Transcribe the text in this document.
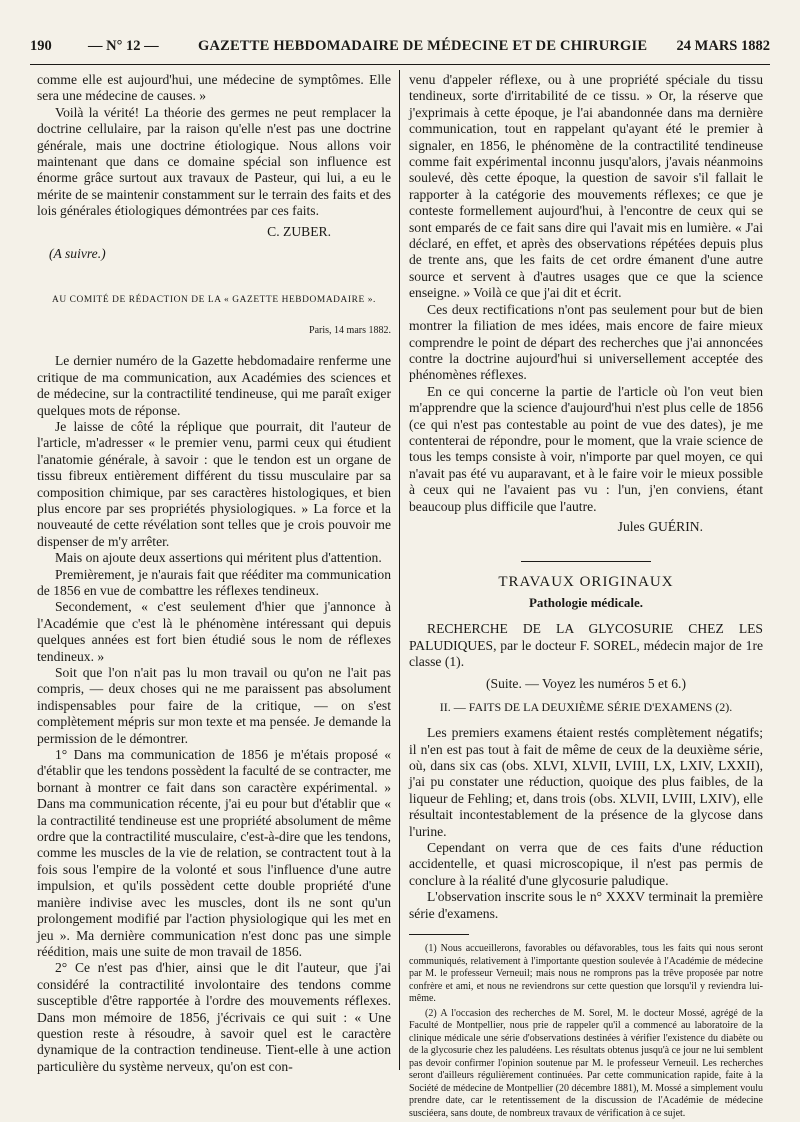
190	— N° 12 —	GAZETTE HEBDOMADAIRE DE MÉDECINE ET DE CHIRURGIE 24 MARS 1882

comme elle est aujourd'hui, une médecine de symptômes. Elle sera une médecine de causes. »

Voilà la vérité! La théorie des germes ne peut remplacer la doctrine cellulaire, par la raison qu'elle n'est pas une doctrine générale, mais une doctrine étiologique. Nous allons voir maintenant que dans ce domaine spécial son influence est énorme grâce surtout aux travaux de Pasteur, qui lui, a eu le mérite de se maintenir constamment sur le terrain des faits et des lois générales étiologiques démontrées par ces faits.

C. ZUBER.

(A suivre.)

AU COMITÉ DE RÉDACTION DE LA « GAZETTE HEBDOMADAIRE ».

Paris, 14 mars 1882.

Le dernier numéro de la Gazette hebdomadaire renferme une critique de ma communication, aux Académies des sciences et de médecine, sur la contractilité tendineuse, qui me paraît exiger quelques mots de réponse.

Je laisse de côté la réplique que pourrait, dit l'auteur de l'article, m'adresser « le premier venu, parmi ceux qui étudient l'anatomie générale, à savoir : que le tendon est un organe de tissu fibreux entièrement différent du tissu musculaire par sa composition chimique, par ses caractères histologiques, et bien plus encore par ses propriétés physiologiques. » La force et la nouveauté de cette révélation sont telles que je crois pouvoir me dispenser de m'y arrêter.

Mais on ajoute deux assertions qui méritent plus d'attention.

Premièrement, je n'aurais fait que rééditer ma communication de 1856 en vue de combattre les réflexes tendineux.

Secondement, « c'est seulement d'hier que j'annonce à l'Académie que c'est là le phénomène intéressant qui depuis quelques années est fort bien étudié sous le nom de réflexes tendineux. »

Soit que l'on n'ait pas lu mon travail ou qu'on ne l'ait pas compris, — deux choses qui ne me paraissent pas absolument indispensables pour faire de la critique, — on s'est complètement mépris sur mon texte et ma pensée. Je demande la permission de le démontrer.

1° Dans ma communication de 1856 je m'étais proposé « d'établir que les tendons possèdent la faculté de se contracter, me bornant à montrer ce fait dans son caractère expérimental. » Dans ma communication récente, j'ai eu pour but d'établir que « la contractilité tendineuse est une propriété absolument de même ordre que la contractilité musculaire, c'est-à-dire que les tendons, comme les muscles de la vie de relation, se contractent tout à la fois sous l'empire de la volonté et sous l'influence d'une autre impulsion, et qu'ils possèdent cette double propriété d'une manière indivise avec les muscles, dont ils ne sont qu'un prolongement modifié par l'action physiologique qui les met en jeu ». Ma dernière communication n'est donc pas une simple réédition, mais une suite de mon travail de 1856.

2° Ce n'est pas d'hier, ainsi que le dit l'auteur, que j'ai considéré la contractilité involontaire des tendons comme susceptible d'être rapportée à l'ordre des mouvements réflexes. Dans mon mémoire de 1856, j'écrivais ce qui suit : « Une question reste à résoudre, à savoir quel est le caractère dynamique de la contraction tendineuse. Tient-elle à une action particulière du système nerveux, qu'on est con-

venu d'appeler réflexe, ou à une propriété spéciale du tissu tendineux, sorte d'irritabilité de ce tissu. » Or, la réserve que j'exprimais à cette époque, je l'ai abandonnée dans ma dernière communication, tout en rappelant qu'ayant été le premier à signaler, en 1856, le phénomène de la contractilité tendineuse comme fait expérimental inconnu jusqu'alors, j'avais néanmoins soulevé, dès cette époque, la question de savoir s'il fallait le rapporter à la catégorie des mouvements réflexes; ce que je conteste formellement aujourd'hui, à l'encontre de ceux qui se sont emparés de ce fait sans dire qui l'avait mis en lumière. « J'ai déclaré, en effet, et après des observations répétées depuis plus de trente ans, que les faits de cet ordre émanent d'une autre source et servent à d'autres usages que ce que la science enseigne. » Voilà ce que j'ai dit et écrit.

Ces deux rectifications n'ont pas seulement pour but de bien montrer la filiation de mes idées, mais encore de faire mieux comprendre le point de départ des recherches que j'ai annoncées contre la doctrine aujourd'hui si universellement acceptée des phénomènes réflexes.

En ce qui concerne la partie de l'article où l'on veut bien m'apprendre que la science d'aujourd'hui n'est plus celle de 1856 (ce qui n'est pas contestable au point de vue des dates), je me contenterai de répondre, pour le moment, que la vraie science de tous les temps consiste à voir, n'importe par quel moyen, ce qui n'avait pas été vu auparavant, et à le faire voir le mieux possible à ceux qui ne l'avaient pas vu : l'un, j'en conviens, étant beaucoup plus difficile que l'autre.

Jules GUÉRIN.

TRAVAUX ORIGINAUX

Pathologie médicale.

RECHERCHE DE LA GLYCOSURIE CHEZ LES PALUDIQUES, par le docteur F. SOREL, médecin major de 1re classe (1).

(Suite. — Voyez les numéros 5 et 6.)

II. — FAITS DE LA DEUXIÈME SÉRIE D'EXAMENS (2).

Les premiers examens étaient restés complètement négatifs; il n'en est pas tout à fait de même de ceux de la deuxième série, où, dans six cas (obs. XLVI, XLVII, LVIII, LX, LXIV, LXXII), j'ai pu constater une réduction, quoique des plus faibles, de la liqueur de Fehling; et, dans trois (obs. XLVII, LVIII, LXIV), elle résultait incontestablement de la présence de la glycose dans l'urine.

Cependant on verra que de ces faits d'une réduction accidentelle, et quasi microscopique, il n'est pas permis de conclure à la réalité d'une glycosurie paludique.

L'observation inscrite sous le n° XXXV terminait la première série d'examens.

(1) Nous accueillerons, favorables ou défavorables, tous les faits qui nous seront communiqués, relativement à l'importante question soulevée à l'Académie de médecine par M. le professeur Verneuil; mais nous ne romprons pas la trêve proposée par notre confrère et ami, et nous ne reviendrons sur cette question que lorsqu'il y reviendra lui-même.

(2) A l'occasion des recherches de M. Sorel, M. le docteur Mossé, agrégé de la Faculté de Montpellier, nous prie de rappeler qu'il a commencé au laboratoire de la clinique médicale une série d'observations destinées à vérifier l'existence du diabète ou de la glycosurie chez les paludéens. Les résultats obtenus jusqu'à ce jour ne lui semblent pas devoir confirmer l'opinion soutenue par M. le professeur Verneuil. Les recherches seront d'ailleurs régulièrement continuées. Par cette communication rapide, faite à la Société de médecine de Montpellier (20 décembre 1881), M. Mossé a simplement voulu prendre date, car le retentissement de la discussion de l'Académie de médecine susciéera, sans doute, de nombreux travaux de vérification à ce sujet.
